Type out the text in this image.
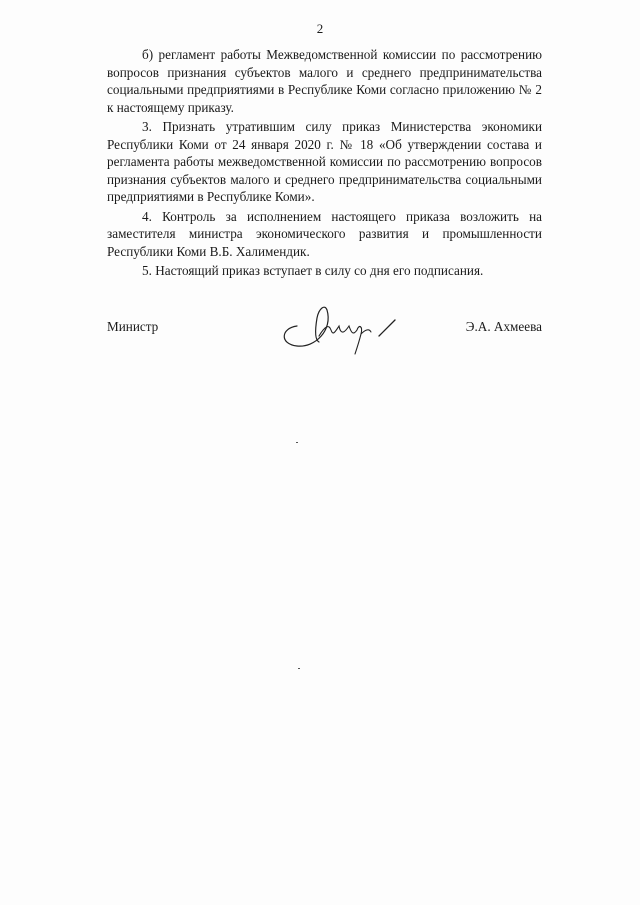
2

б) регламент работы Межведомственной комиссии по рассмотрению вопросов признания субъектов малого и среднего предпринимательства социальными предприятиями в Республике Коми согласно приложению № 2 к настоящему приказу.

3. Признать утратившим силу приказ Министерства экономики Республики Коми от 24 января 2020 г. № 18 «Об утверждении состава и регламента работы межведомственной комиссии по рассмотрению вопросов признания субъектов малого и среднего предпринимательства социальными предприятиями в Республике Коми».

4. Контроль за исполнением настоящего приказа возложить на заместителя министра экономического развития и промышленности Республики Коми В.Б. Халимендик.

5. Настоящий приказ вступает в силу со дня его подписания.

Министр	Э.А. Ахмеева
